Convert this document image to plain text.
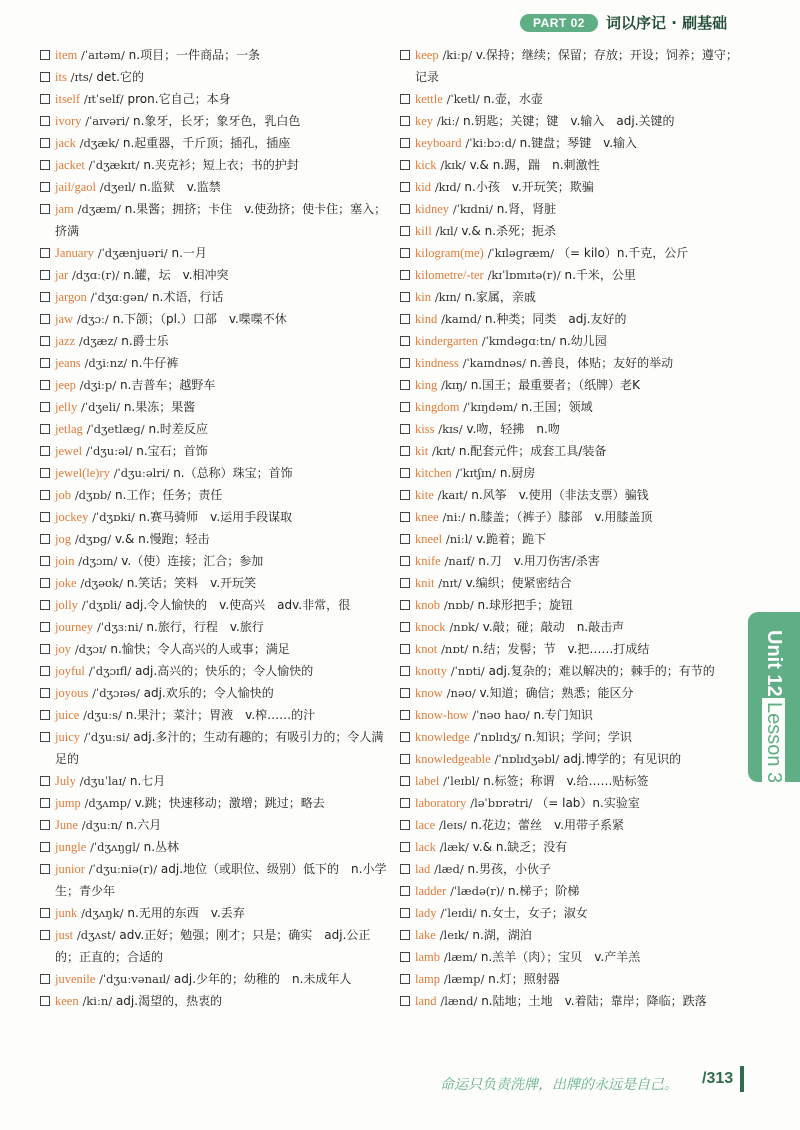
PART 02	词以序记 · 刷基础

item /ˈaɪtəm/ n.项目；一件商品；一条

its /ɪts/ det.它的

itself /ɪtˈself/ pron.它自己；本身

ivory /ˈaɪvəri/ n.象牙，长牙；象牙色，乳白色

jack /dʒæk/ n.起重器，千斤顶；插孔，插座

jacket /ˈdʒækɪt/ n.夹克衫；短上衣；书的护封

jail/gaol /dʒeɪl/ n.监狱　v.监禁

jam /dʒæm/ n.果酱；拥挤；卡住　v.使劲挤；使卡住；塞入；挤满

January /ˈdʒænjuəri/ n.一月

jar /dʒɑː(r)/ n.罐，坛　v.相冲突

jargon /ˈdʒɑːɡən/ n.术语，行话

jaw /dʒɔː/ n.下颌；（pl.）口部　v.喋喋不休

jazz /dʒæz/ n.爵士乐

jeans /dʒiːnz/ n.牛仔裤

jeep /dʒiːp/ n.吉普车；越野车

jelly /ˈdʒeli/ n.果冻；果酱

jetlag /ˈdʒetlæɡ/ n.时差反应

jewel /ˈdʒuːəl/ n.宝石；首饰

jewel(le)ry /ˈdʒuːəlri/ n.（总称）珠宝；首饰

job /dʒɒb/ n.工作；任务；责任

jockey /ˈdʒɒki/ n.赛马骑师　v.运用手段谋取

jog /dʒɒɡ/ v.& n.慢跑；轻击

join /dʒɔɪn/ v.（使）连接；汇合；参加

joke /dʒəʊk/ n.笑话；笑料　v.开玩笑

jolly /ˈdʒɒli/ adj.令人愉快的　v.使高兴　adv.非常，很

journey /ˈdʒɜːni/ n.旅行，行程　v.旅行

joy /dʒɔɪ/ n.愉快；令人高兴的人或事；满足

joyful /ˈdʒɔɪfl/ adj.高兴的；快乐的；令人愉快的

joyous /ˈdʒɔɪəs/ adj.欢乐的；令人愉快的

juice /dʒuːs/ n.果汁；菜汁；胃液　v.榨……的汁

juicy /ˈdʒuːsi/ adj.多汁的；生动有趣的；有吸引力的；令人满足的

July /dʒuˈlaɪ/ n.七月

jump /dʒʌmp/ v.跳；快速移动；激增；跳过；略去

June /dʒuːn/ n.六月

jungle /ˈdʒʌŋɡl/ n.丛林

junior /ˈdʒuːniə(r)/ adj.地位（或职位、级别）低下的　n.小学生；青少年

junk /dʒʌŋk/ n.无用的东西　v.丢弃

just /dʒʌst/ adv.正好；勉强；刚才；只是；确实　adj.公正的；正直的；合适的

juvenile /ˈdʒuːvənaɪl/ adj.少年的；幼稚的　n.未成年人

keen /kiːn/ adj.渴望的，热衷的

keep /kiːp/ v.保持；继续；保留；存放；开设；饲养；遵守；记录

kettle /ˈketl/ n.壶，水壶

key /kiː/ n.钥匙；关键；键　v.输入　adj.关键的

keyboard /ˈkiːbɔːd/ n.键盘；琴键　v.输入

kick /kɪk/ v.& n.踢，踹　n.刺激性

kid /kɪd/ n.小孩　v.开玩笑；欺骗

kidney /ˈkɪdni/ n.肾，肾脏

kill /kɪl/ v.& n.杀死；扼杀

kilogram(me) /ˈkɪləɡræm/ （= kilo）n.千克，公斤

kilometre/-ter /kɪˈlɒmɪtə(r)/ n.千米，公里

kin /kɪn/ n.家属，亲戚

kind /kaɪnd/ n.种类；同类　adj.友好的

kindergarten /ˈkɪndəɡɑːtn/ n.幼儿园

kindness /ˈkaɪndnəs/ n.善良，体贴；友好的举动

king /kɪŋ/ n.国王；最重要者；（纸牌）老K

kingdom /ˈkɪŋdəm/ n.王国；领域

kiss /kɪs/ v.吻，轻拂　n.吻

kit /kɪt/ n.配套元件；成套工具/装备

kitchen /ˈkɪtʃɪn/ n.厨房

kite /kaɪt/ n.风筝　v.使用（非法支票）骗钱

knee /niː/ n.膝盖；（裤子）膝部　v.用膝盖顶

kneel /niːl/ v.跪着；跪下

knife /naɪf/ n.刀　v.用刀伤害/杀害

knit /nɪt/ v.编织；使紧密结合

knob /nɒb/ n.球形把手；旋钮

knock /nɒk/ v.敲；碰；敲动　n.敲击声

knot /nɒt/ n.结；发髻；节　v.把……打成结

knotty /ˈnɒti/ adj.复杂的；难以解决的；棘手的；有节的

know /nəʊ/ v.知道；确信；熟悉；能区分

know-how /ˈnəʊ haʊ/ n.专门知识

knowledge /ˈnɒlɪdʒ/ n.知识；学问；学识

knowledgeable /ˈnɒlɪdʒəbl/ adj.博学的；有见识的

label /ˈleɪbl/ n.标签；称谓　v.给……贴标签

laboratory /ləˈbɒrətri/ （= lab）n.实验室

lace /leɪs/ n.花边；蕾丝　v.用带子系紧

lack /læk/ v.& n.缺乏；没有

lad /læd/ n.男孩，小伙子

ladder /ˈlædə(r)/ n.梯子；阶梯

lady /ˈleɪdi/ n.女士，女子；淑女

lake /leɪk/ n.湖，湖泊

lamb /læm/ n.羔羊（肉）；宝贝　v.产羊羔

lamp /læmp/ n.灯；照射器

land /lænd/ n.陆地；土地　v.着陆；靠岸；降临；跌落

Unit 12
Lesson 3
命运只负责洗牌，出牌的永远是自己。 /313
